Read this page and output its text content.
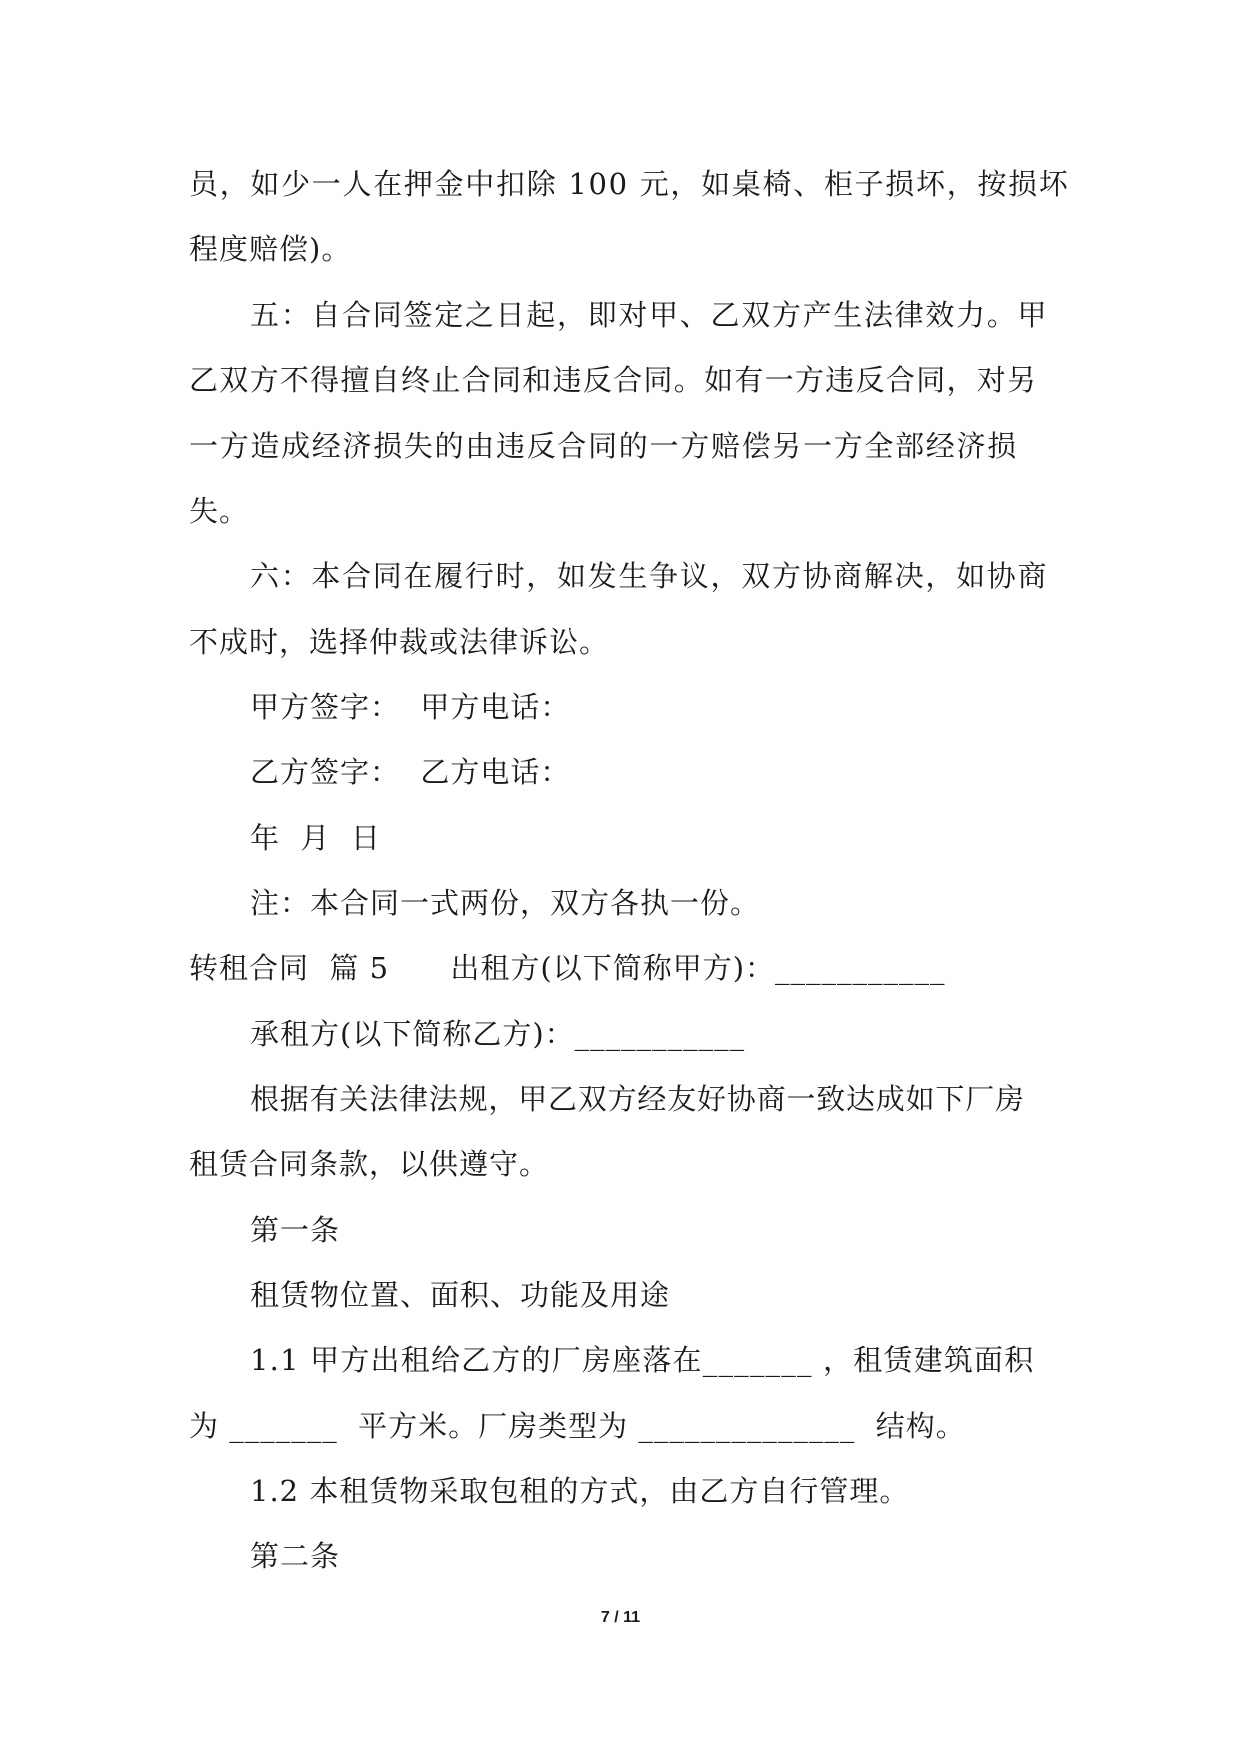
员，如少一人在押金中扣除 100 元，如桌椅、柜子损坏，按损坏
程度赔偿)。
五：自合同签定之日起，即对甲、乙双方产生法律效力。甲
乙双方不得擅自终止合同和违反合同。如有一方违反合同，对另
一方造成经济损失的由违反合同的一方赔偿另一方全部经济损
失。
六：本合同在履行时，如发生争议，双方协商解决，如协商
不成时，选择仲裁或法律诉讼。
甲方签字：  甲方电话：
乙方签字：  乙方电话：
年  月  日
注：本合同一式两份，双方各执一份。
转租合同  篇 5      出租方(以下简称甲方)：___________
承租方(以下简称乙方)：___________
根据有关法律法规，甲乙双方经友好协商一致达成如下厂房
租赁合同条款，以供遵守。
第一条
租赁物位置、面积、功能及用途
1.1 甲方出租给乙方的厂房座落在_______ ，租赁建筑面积
为 _______  平方米。厂房类型为 ______________  结构。
1.2 本租赁物采取包租的方式，由乙方自行管理。
第二条
7 / 11
